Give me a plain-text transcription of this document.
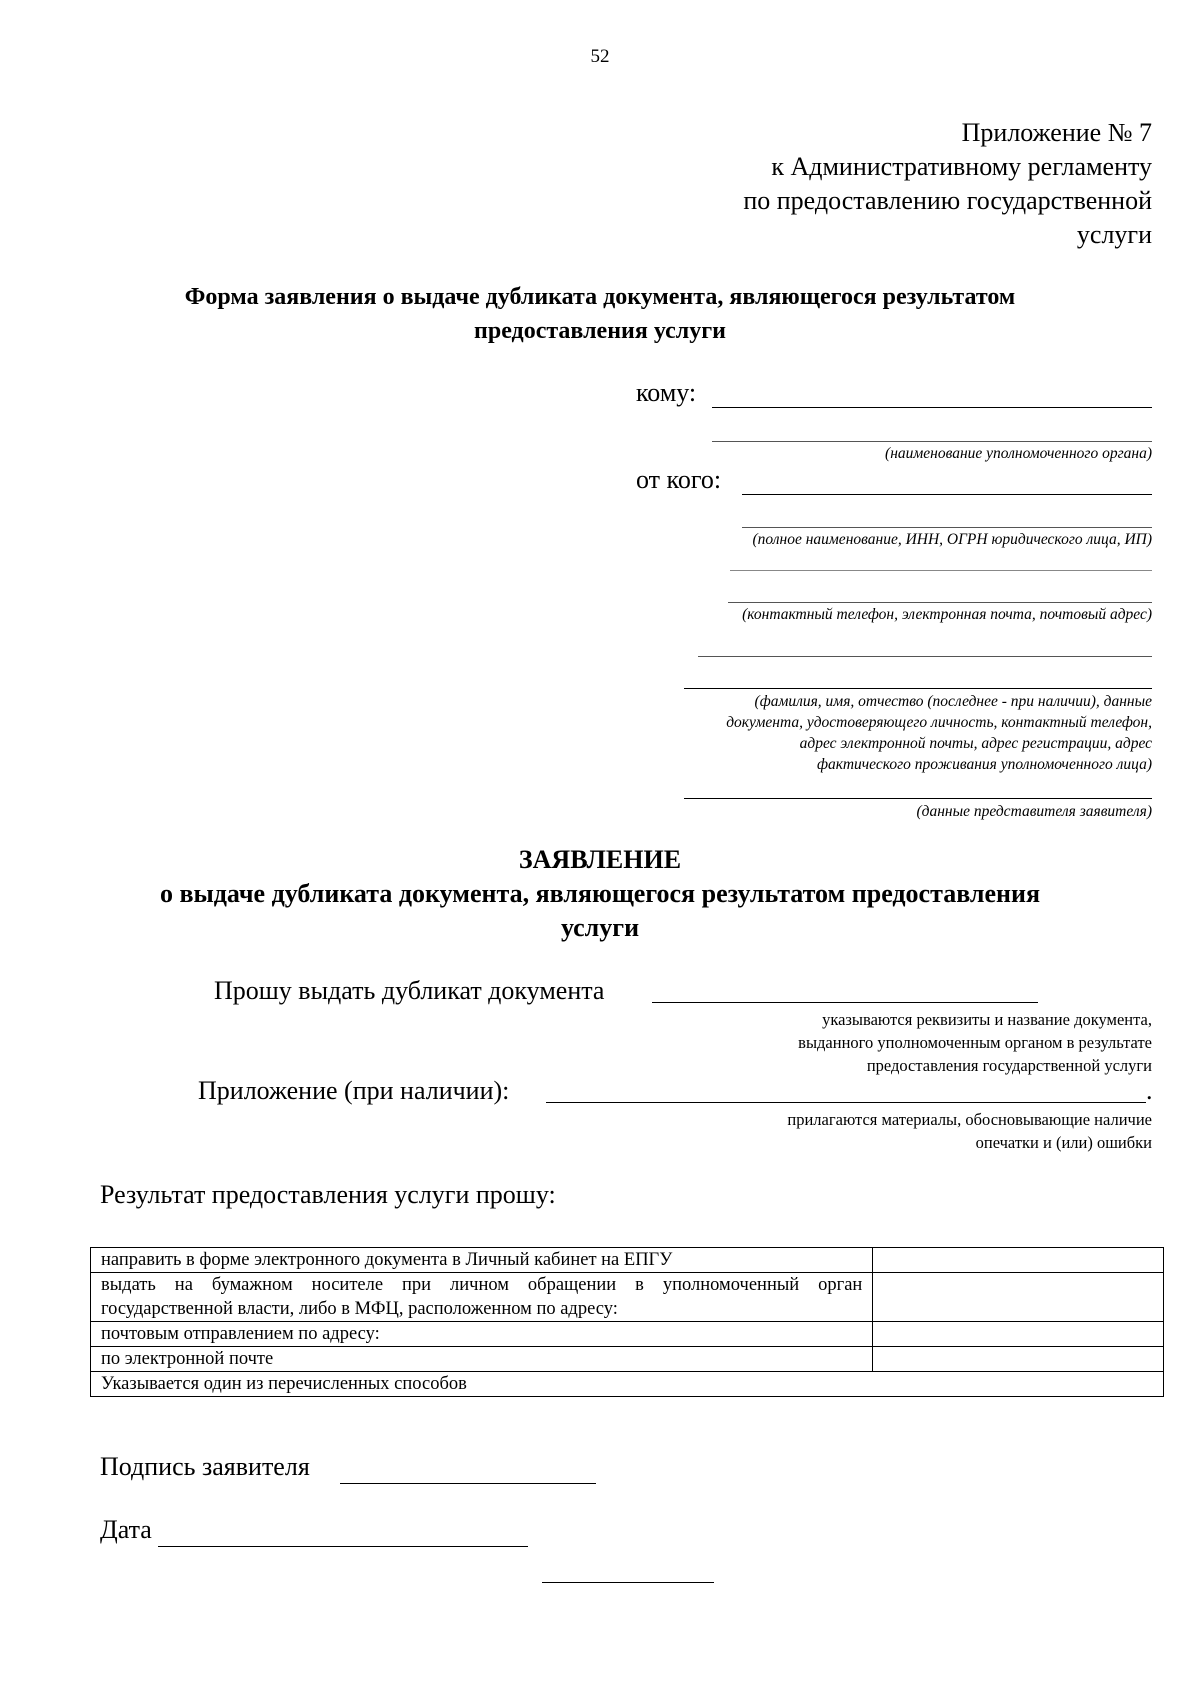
52
Приложение № 7
к Административному регламенту
по предоставлению государственной
услуги
Форма заявления о выдаче дубликата документа, являющегося результатом
предоставления услуги
кому:
(наименование уполномоченного органа)
от кого:
(полное наименование, ИНН, ОГРН юридического лица, ИП)
(контактный телефон, электронная почта, почтовый адрес)
(фамилия, имя, отчество (последнее - при наличии), данные
документа, удостоверяющего личность, контактный телефон,
адрес электронной почты, адрес регистрации, адрес
фактического проживания уполномоченного лица)
(данные представителя заявителя)
ЗАЯВЛЕНИЕ
о выдаче дубликата документа, являющегося результатом предоставления
услуги
Прошу выдать дубликат документа
указываются реквизиты и название документа,
выданного уполномоченным органом в результате
предоставления государственной услуги
Приложение (при наличии):	.
прилагаются материалы, обосновывающие наличие
опечатки и (или) ошибки
Результат предоставления услуги прошу:
направить в форме электронного документа в Личный кабинет на ЕПГУ	
выдать на бумажном носителе при личном обращении в уполномоченный орган государственной власти, либо в МФЦ, расположенном по адресу:	
почтовым отправлением по адресу:	
по электронной почте	
Указывается один из перечисленных способов	
Подпись заявителя
Дата
